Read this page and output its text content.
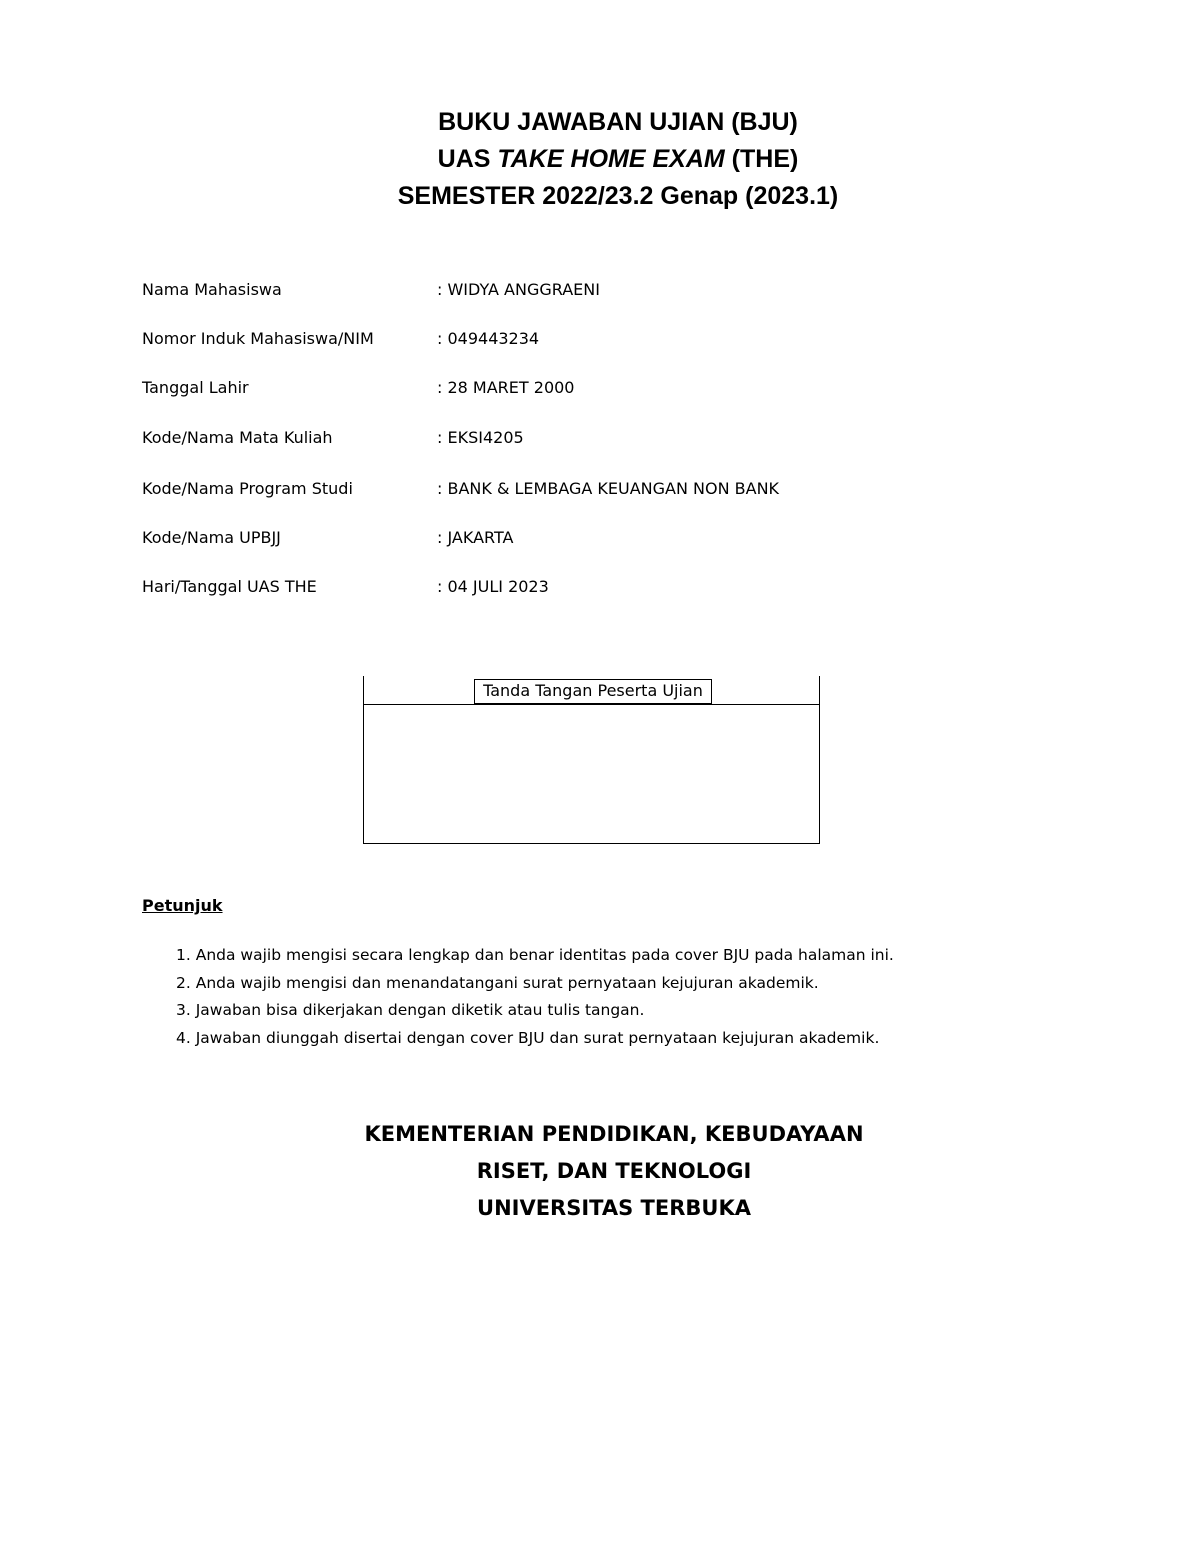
BUKU JAWABAN UJIAN (BJU)
UAS TAKE HOME EXAM (THE)
SEMESTER 2022/23.2 Genap (2023.1)
Nama Mahasiswa	: WIDYA ANGGRAENI
Nomor Induk Mahasiswa/NIM	: 049443234
Tanggal Lahir	: 28 MARET 2000
Kode/Nama Mata Kuliah	: EKSI4205
Kode/Nama Program Studi	: BANK & LEMBAGA KEUANGAN NON BANK
Kode/Nama UPBJJ	: JAKARTA
Hari/Tanggal UAS THE	: 04 JULI 2023
Tanda Tangan Peserta Ujian
Petunjuk
1. Anda wajib mengisi secara lengkap dan benar identitas pada cover BJU pada halaman ini.
2. Anda wajib mengisi dan menandatangani surat pernyataan kejujuran akademik.
3. Jawaban bisa dikerjakan dengan diketik atau tulis tangan.
4. Jawaban diunggah disertai dengan cover BJU dan surat pernyataan kejujuran akademik.
KEMENTERIAN PENDIDIKAN, KEBUDAYAAN
RISET, DAN TEKNOLOGI
UNIVERSITAS TERBUKA
